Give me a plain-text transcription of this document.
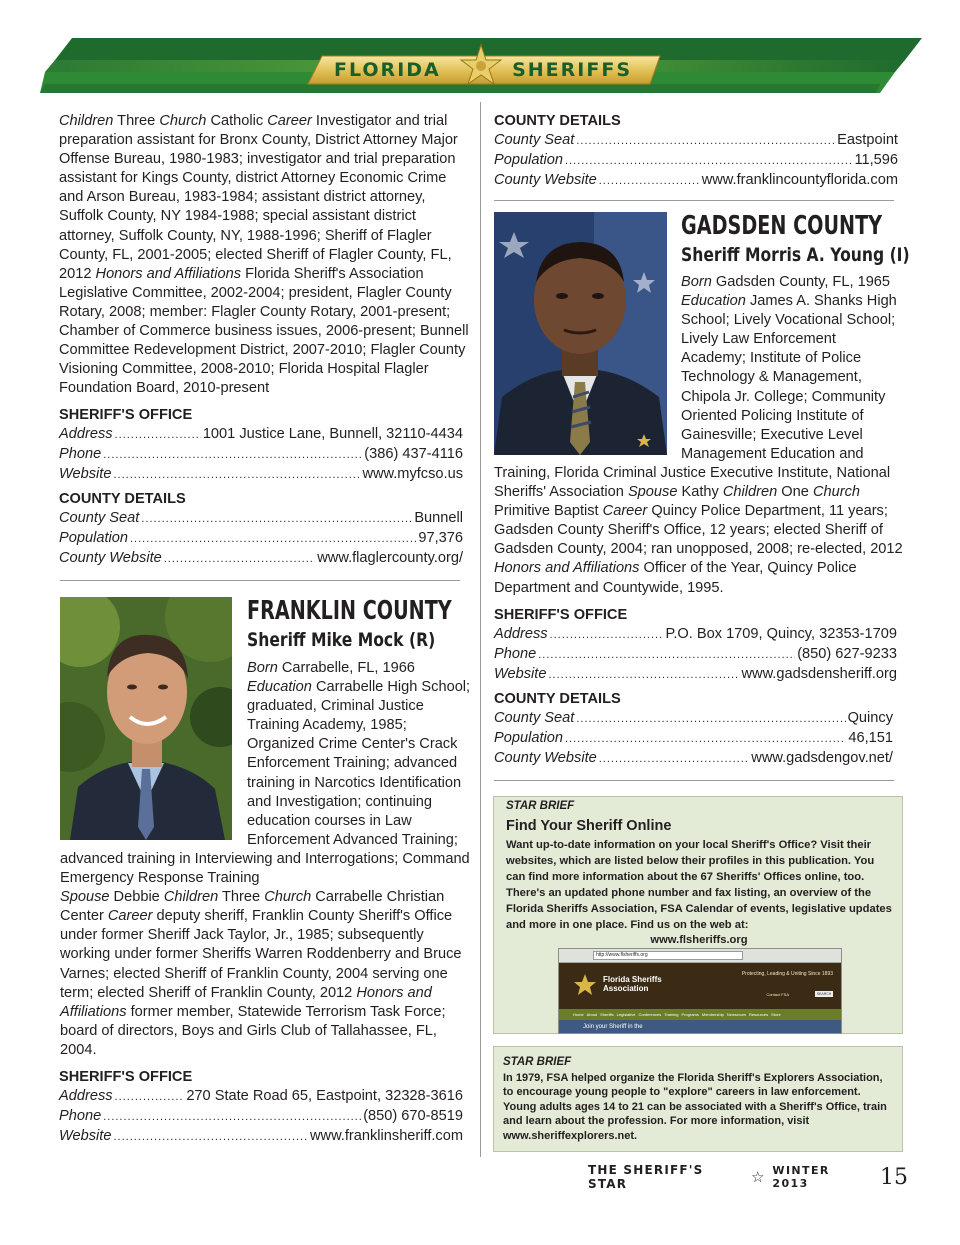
FLORIDA	SHERIFFS
Children Three Church Catholic Career Investigator and trial preparation assistant for Bronx County, District Attorney Major Offense Bureau, 1980-1983; investigator and trial preparation assistant for Kings County, district Attorney Economic Crime and Arson Bureau, 1983-1984; assistant district attorney, Suffolk County, NY 1984-1988; special assistant district attorney, Suffolk County, NY, 1988-1996; Sheriff of Flagler County, FL, 2001-2005; elected Sheriff of Flagler County, FL, 2012 Honors and Affiliations Florida Sheriff's Association Legislative Committee, 2002-2004; president, Flagler County Rotary, 2008; member: Flagler County Rotary, 2001-present; Chamber of Commerce business issues, 2006-present; Bunnell Committee Redevelopment District, 2007-2010; Flagler County Visioning Committee, 2008-2010; Florida Hospital Flagler Foundation Board, 2010-present
SHERIFF'S OFFICE
Address .....	1001 Justice Lane, Bunnell, 32110-4434
Phone .....	(386) 437-4116
Website .....	www.myfcso.us
COUNTY DETAILS
County Seat .....	Bunnell
Population .....	97,376
County Website .....	www.flaglercounty.org/
FRANKLIN COUNTY
Sheriff Mike Mock (R)
Born Carrabelle, FL, 1966
Education Carrabelle High School; graduated, Criminal Justice Training Academy, 1985; Organized Crime Center's Crack Enforcement Training; advanced training in Narcotics Identification and Investigation; continuing education courses in Law Enforcement Advanced Training; advanced training in Interviewing and Interrogations; Command Emergency Response Training
Spouse Debbie Children Three Church Carrabelle Christian Center Career deputy sheriff, Franklin County Sheriff's Office under former Sheriff Jack Taylor, Jr., 1985; subsequently working under former Sheriffs Warren Roddenberry and Bruce Varnes; elected Sheriff of Franklin County, 2004 serving one term; elected Sheriff of Franklin County, 2012 Honors and Affiliations former member, Statewide Terrorism Task Force; board of directors, Boys and Girls Club of Tallahassee, FL, 2004.
SHERIFF'S OFFICE
Address .....	270 State Road 65, Eastpoint, 32328-3616
Phone .....	(850) 670-8519
Website .....	www.franklinsheriff.com
COUNTY DETAILS
County Seat .....	Eastpoint
Population .....	11,596
County Website .....	www.franklincountyflorida.com
GADSDEN COUNTY
Sheriff Morris A. Young (I)
Born Gadsden County, FL, 1965
Education James A. Shanks High School; Lively Vocational School; Lively Law Enforcement Academy; Institute of Police Technology & Management, Chipola Jr. College; Community Oriented Policing Institute of Gainesville; Executive Level Management Education and Training, Florida Criminal Justice Executive Institute, National Sheriffs' Association Spouse Kathy Children One Church Primitive Baptist Career Quincy Police Department, 11 years; Gadsden County Sheriff's Office, 12 years; elected Sheriff of Gadsden County, 2004; ran unopposed, 2008; re-elected, 2012 Honors and Affiliations Officer of the Year, Quincy Police Department and Countywide, 1995.
SHERIFF'S OFFICE
Address .....	P.O. Box 1709, Quincy, 32353-1709
Phone .....	(850) 627-9233
Website .....	www.gadsdensheriff.org
COUNTY DETAILS
County Seat .....	Quincy
Population .....	46,151
County Website .....	www.gadsdengov.net/
STAR BRIEF
Find Your Sheriff Online
Want up-to-date information on your local Sheriff's Office? Visit their websites, which are listed below their profiles in this publication. You can find more information about the 67 Sheriffs' Offices online, too. There's an updated phone number and fax listing, an overview of the Florida Sheriffs Association, FSA Calendar of events, legislative updates and more in one place. Find us on the web at:
www.flsheriffs.org
http://www.flsheriffs.org
Florida Sheriffs
Association
Protecting, Leading & Uniting Since 1893
Contact FSA	SEARCH
Home About Sheriffs Legislative Conferences Training Programs Membership Newsroom Resources Store
Join your Sheriff in the
STAR BRIEF
In 1979, FSA helped organize the Florida Sheriff's Explorers Association, to encourage young people to "explore" careers in law enforcement. Young adults ages 14 to 21 can be associated with a Sheriff's Office, train and learn about the profession. For more information, visit www.sheriffexplorers.net.
THE SHERIFF'S STAR	☆ WINTER 2013	15
